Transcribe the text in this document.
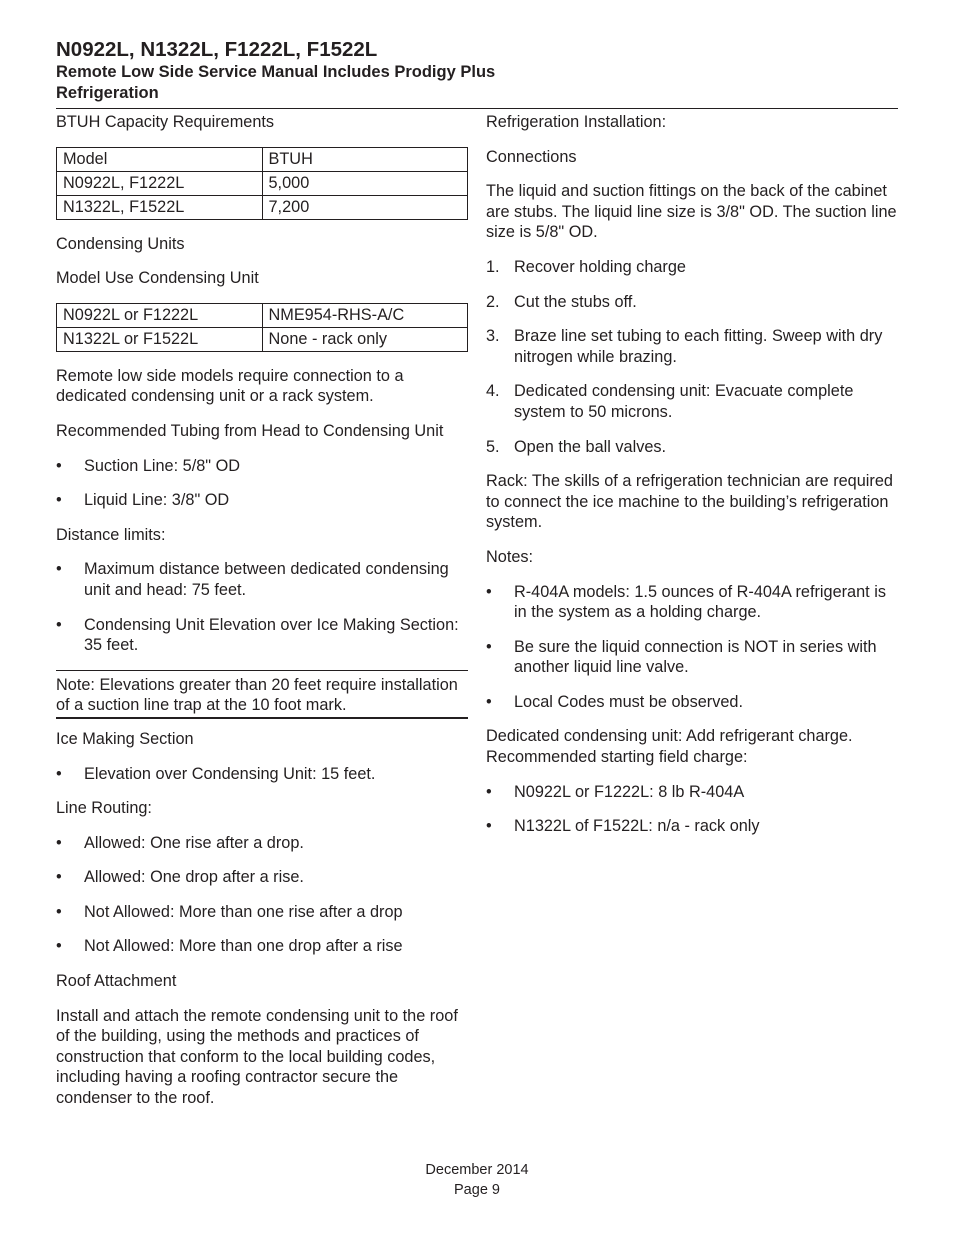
N0922L, N1322L, F1222L, F1522L
Remote Low Side Service Manual Includes Prodigy Plus
Refrigeration

BTUH Capacity Requirements

Model	BTUH
N0922L, F1222L	5,000
N1322L, F1522L	7,200

Condensing Units

Model Use Condensing Unit

N0922L or F1222L	NME954-RHS-A/C
N1322L or F1522L	None - rack only

Remote low side models require connection to a dedicated condensing unit or a rack system.

Recommended Tubing from Head to Condensing Unit

• Suction Line: 5/8" OD
• Liquid Line: 3/8" OD

Distance limits:

• Maximum distance between dedicated condensing unit and head: 75 feet.
• Condensing Unit Elevation over Ice Making Section: 35 feet.
Note: Elevations greater than 20 feet require installation of a suction line trap at the 10 foot mark.

Ice Making Section

• Elevation over Condensing Unit: 15 feet.

Line Routing:

• Allowed: One rise after a drop.
• Allowed: One drop after a rise.
• Not Allowed: More than one rise after a drop
• Not Allowed: More than one drop after a rise

Roof Attachment

Install and attach the remote condensing unit to the roof of the building, using the methods and practices of construction that conform to the local building codes, including having a roofing contractor secure the condenser to the roof.

Refrigeration Installation:

Connections

The liquid and suction fittings on the back of the cabinet are stubs. The liquid line size is 3/8" OD. The suction line size is 5/8" OD.

1. Recover holding charge
2. Cut the stubs off.
3. Braze line set tubing to each fitting. Sweep with dry nitrogen while brazing.
4. Dedicated condensing unit: Evacuate complete system to 50 microns.
5. Open the ball valves.

Rack: The skills of a refrigeration technician are required to connect the ice machine to the building’s refrigeration system.

Notes:

• R-404A models: 1.5 ounces of R-404A refrigerant is in the system as a holding charge.
• Be sure the liquid connection is NOT in series with another liquid line valve.
• Local Codes must be observed.

Dedicated condensing unit: Add refrigerant charge. Recommended starting field charge:

• N0922L or F1222L: 8 lb R-404A
• N1322L of F1522L: n/a - rack only
December 2014
Page 9
